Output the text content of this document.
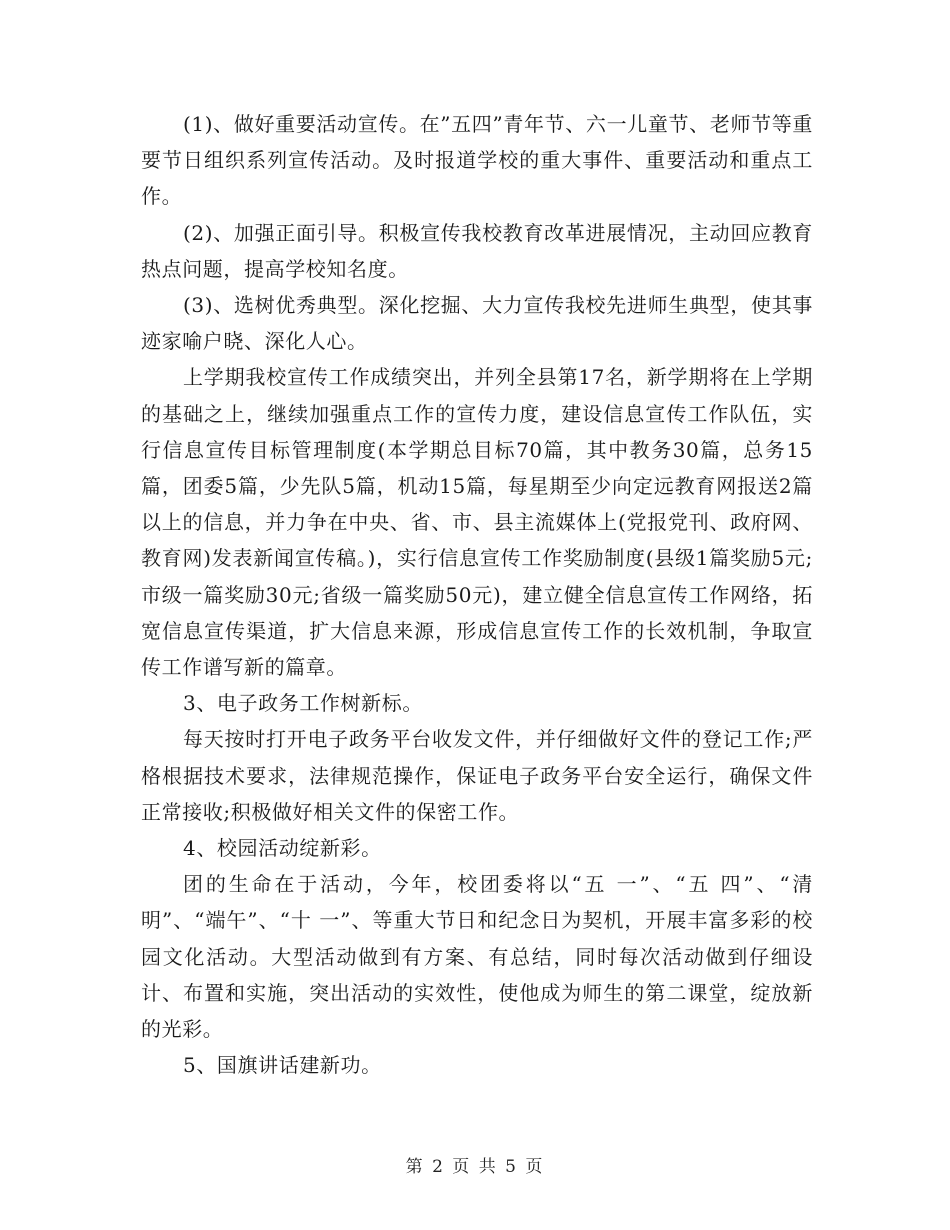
(1)、做好重要活动宣传。在”五四”青年节、六一儿童节、老师节等重要节日组织系列宣传活动。及时报道学校的重大事件、重要活动和重点工作。

(2)、加强正面引导。积极宣传我校教育改革进展情况，主动回应教育热点问题，提高学校知名度。

(3)、选树优秀典型。深化挖掘、大力宣传我校先进师生典型，使其事迹家喻户晓、深化人心。

上学期我校宣传工作成绩突出，并列全县第17名，新学期将在上学期的基础之上，继续加强重点工作的宣传力度，建设信息宣传工作队伍，实行信息宣传目标管理制度(本学期总目标70篇，其中教务30篇，总务15篇，团委5篇，少先队5篇，机动15篇，每星期至少向定远教育网报送2篇以上的信息，并力争在中央、省、市、县主流媒体上(党报党刊、政府网、教育网)发表新闻宣传稿。)，实行信息宣传工作奖励制度(县级1篇奖励5元;市级一篇奖励30元;省级一篇奖励50元)，建立健全信息宣传工作网络，拓宽信息宣传渠道，扩大信息来源，形成信息宣传工作的长效机制，争取宣传工作谱写新的篇章。

3、电子政务工作树新标。

每天按时打开电子政务平台收发文件，并仔细做好文件的登记工作;严格根据技术要求，法律规范操作，保证电子政务平台安全运行，确保文件正常接收;积极做好相关文件的保密工作。

4、校园活动绽新彩。

团的生命在于活动，今年，校团委将以“五 一”、“五 四”、“清明”、“端午”、“十 一”、等重大节日和纪念日为契机，开展丰富多彩的校园文化活动。大型活动做到有方案、有总结，同时每次活动做到仔细设计、布置和实施，突出活动的实效性，使他成为师生的第二课堂，绽放新的光彩。

5、国旗讲话建新功。

第 2 页 共 5 页
